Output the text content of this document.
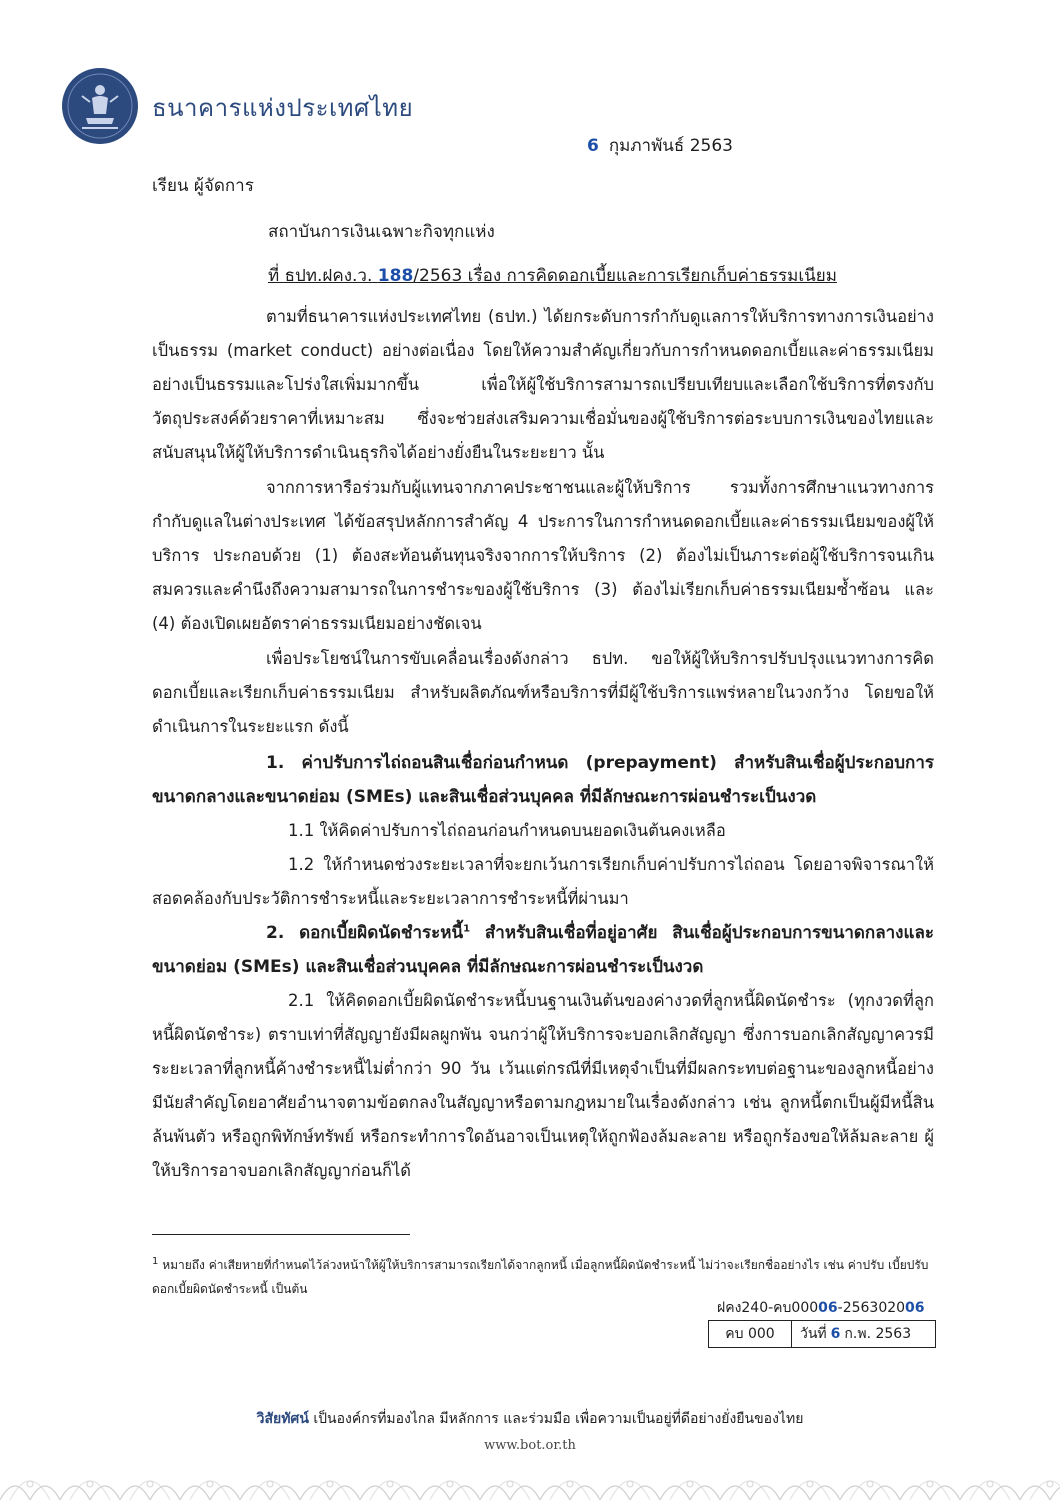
ธนาคารแห่งประเทศไทย
6 กุมภาพันธ์ 2563
เรียน ผู้จัดการ
สถาบันการเงินเฉพาะกิจทุกแห่ง
ที่ ธปท.ฝคง.ว. 188/2563 เรื่อง การคิดดอกเบี้ยและการเรียกเก็บค่าธรรมเนียม

ตามที่ธนาคารแห่งประเทศไทย (ธปท.) ได้ยกระดับการกำกับดูแลการให้บริการทางการเงินอย่างเป็นธรรม (market conduct) อย่างต่อเนื่อง โดยให้ความสำคัญเกี่ยวกับการกำหนดดอกเบี้ยและค่าธรรมเนียมอย่างเป็นธรรมและโปร่งใสเพิ่มมากขึ้น เพื่อให้ผู้ใช้บริการสามารถเปรียบเทียบและเลือกใช้บริการที่ตรงกับวัตถุประสงค์ด้วยราคาที่เหมาะสม ซึ่งจะช่วยส่งเสริมความเชื่อมั่นของผู้ใช้บริการต่อระบบการเงินของไทยและสนับสนุนให้ผู้ให้บริการดำเนินธุรกิจได้อย่างยั่งยืนในระยะยาว นั้น

จากการหารือร่วมกับผู้แทนจากภาคประชาชนและผู้ให้บริการ รวมทั้งการศึกษาแนวทางการกำกับดูแลในต่างประเทศ ได้ข้อสรุปหลักการสำคัญ 4 ประการในการกำหนดดอกเบี้ยและค่าธรรมเนียมของผู้ให้บริการ ประกอบด้วย (1) ต้องสะท้อนต้นทุนจริงจากการให้บริการ (2) ต้องไม่เป็นภาระต่อผู้ใช้บริการจนเกินสมควรและคำนึงถึงความสามารถในการชำระของผู้ใช้บริการ (3) ต้องไม่เรียกเก็บค่าธรรมเนียมซ้ำซ้อน และ (4) ต้องเปิดเผยอัตราค่าธรรมเนียมอย่างชัดเจน

เพื่อประโยชน์ในการขับเคลื่อนเรื่องดังกล่าว ธปท. ขอให้ผู้ให้บริการปรับปรุงแนวทางการคิดดอกเบี้ยและเรียกเก็บค่าธรรมเนียม สำหรับผลิตภัณฑ์หรือบริการที่มีผู้ใช้บริการแพร่หลายในวงกว้าง โดยขอให้ดำเนินการในระยะแรก ดังนี้

1. ค่าปรับการไถ่ถอนสินเชื่อก่อนกำหนด (prepayment) สำหรับสินเชื่อผู้ประกอบการขนาดกลางและขนาดย่อม (SMEs) และสินเชื่อส่วนบุคคล ที่มีลักษณะการผ่อนชำระเป็นงวด

1.1 ให้คิดค่าปรับการไถ่ถอนก่อนกำหนดบนยอดเงินต้นคงเหลือ

1.2 ให้กำหนดช่วงระยะเวลาที่จะยกเว้นการเรียกเก็บค่าปรับการไถ่ถอน โดยอาจพิจารณาให้สอดคล้องกับประวัติการชำระหนี้และระยะเวลาการชำระหนี้ที่ผ่านมา

2. ดอกเบี้ยผิดนัดชำระหนี้$^1$ สำหรับสินเชื่อที่อยู่อาศัย สินเชื่อผู้ประกอบการขนาดกลางและขนาดย่อม (SMEs) และสินเชื่อส่วนบุคคล ที่มีลักษณะการผ่อนชำระเป็นงวด

2.1 ให้คิดดอกเบี้ยผิดนัดชำระหนี้บนฐานเงินต้นของค่างวดที่ลูกหนี้ผิดนัดชำระ (ทุกงวดที่ลูกหนี้ผิดนัดชำระ) ตราบเท่าที่สัญญายังมีผลผูกพัน จนกว่าผู้ให้บริการจะบอกเลิกสัญญา ซึ่งการบอกเลิกสัญญาควรมีระยะเวลาที่ลูกหนี้ค้างชำระหนี้ไม่ต่ำกว่า 90 วัน เว้นแต่กรณีที่มีเหตุจำเป็นที่มีผลกระทบต่อฐานะของลูกหนี้อย่างมีนัยสำคัญโดยอาศัยอำนาจตามข้อตกลงในสัญญาหรือตามกฎหมายในเรื่องดังกล่าว เช่น ลูกหนี้ตกเป็นผู้มีหนี้สินล้นพ้นตัว หรือถูกพิทักษ์ทรัพย์ หรือกระทำการใดอันอาจเป็นเหตุให้ถูกฟ้องล้มละลาย หรือถูกร้องขอให้ล้มละลาย ผู้ให้บริการอาจบอกเลิกสัญญาก่อนก็ได้

$^1$ หมายถึง ค่าเสียหายที่กำหนดไว้ล่วงหน้าให้ผู้ให้บริการสามารถเรียกได้จากลูกหนี้ เมื่อลูกหนี้ผิดนัดชำระหนี้ ไม่ว่าจะเรียกชื่ออย่างไร เช่น ค่าปรับ เบี้ยปรับ ดอกเบี้ยผิดนัดชำระหนี้ เป็นต้น

ฝคง240-คบ00006-256302006
คบ 000	วันที่ 6 ก.พ. 2563
วิสัยทัศน์ เป็นองค์กรที่มองไกล มีหลักการ และร่วมมือ เพื่อความเป็นอยู่ที่ดีอย่างยั่งยืนของไทย
www.bot.or.th
